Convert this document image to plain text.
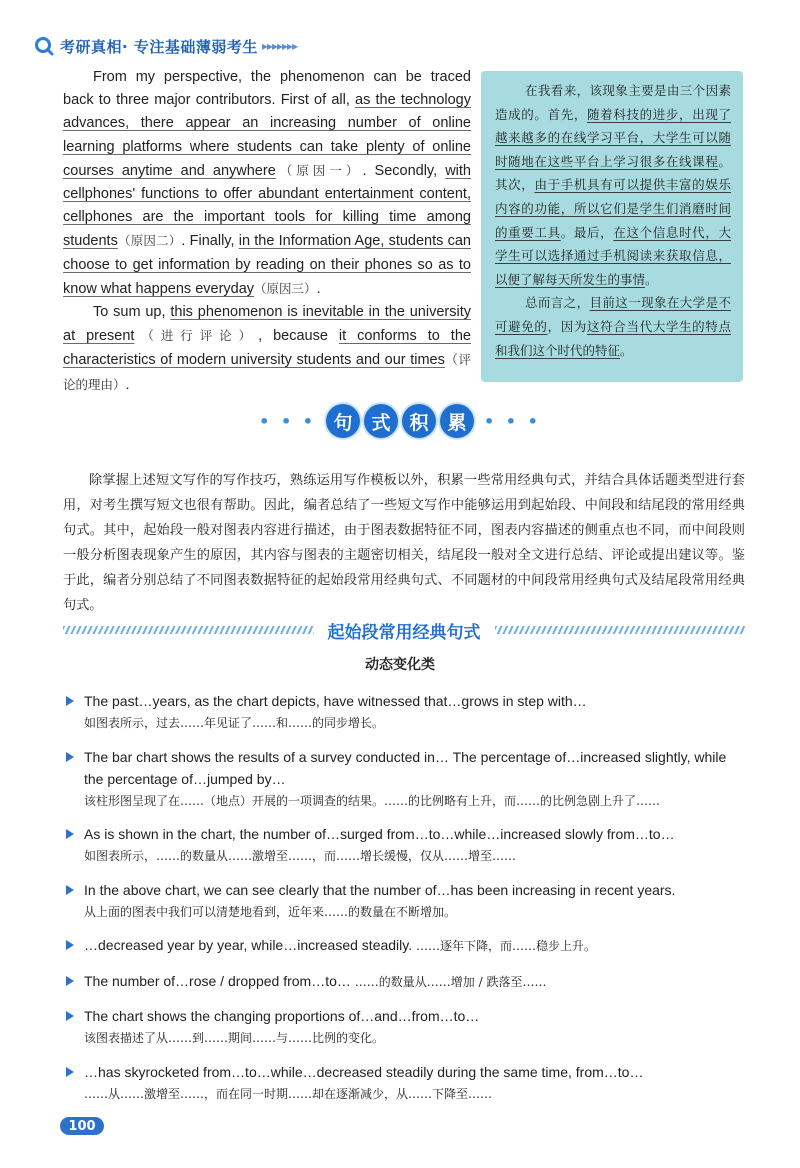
考研真相 · 专注基础薄弱考生 ▸▸▸▸▸▸▸

From my perspective, the phenomenon can be traced back to three major contributors. First of all, as the technology advances, there appear an increasing number of online learning platforms where students can take plenty of online courses anytime and anywhere（原因一）. Secondly, with cellphones' functions to offer abundant entertainment content, cellphones are the important tools for killing time among students（原因二）. Finally, in the Information Age, students can choose to get information by reading on their phones so as to know what happens everyday（原因三）.

To sum up, this phenomenon is inevitable in the university at present（进行评论）, because it conforms to the characteristics of modern university students and our times（评论的理由）.

在我看来，该现象主要是由三个因素造成的。首先，随着科技的进步，出现了越来越多的在线学习平台，大学生可以随时随地在这些平台上学习很多在线课程。其次，由于手机具有可以提供丰富的娱乐内容的功能，所以它们是学生们消磨时间的重要工具。最后，在这个信息时代，大学生可以选择通过手机阅读来获取信息，以便了解每天所发生的事情。

总而言之，目前这一现象在大学是不可避免的，因为这符合当代大学生的特点和我们这个时代的特征。

• • • 句 式 积 累	• • •

除掌握上述短文写作的写作技巧，熟练运用写作模板以外，积累一些常用经典句式，并结合具体话题类型进行套用，对考生撰写短文也很有帮助。因此，编者总结了一些短文写作中能够运用到起始段、中间段和结尾段的常用经典句式。其中，起始段一般对图表内容进行描述，由于图表数据特征不同，图表内容描述的侧重点也不同，而中间段则一般分析图表现象产生的原因，其内容与图表的主题密切相关，结尾段一般对全文进行总结、评论或提出建议等。鉴于此，编者分别总结了不同图表数据特征的起始段常用经典句式、不同题材的中间段常用经典句式及结尾段常用经典句式。

起始段常用经典句式
动态变化类
The past…years, as the chart depicts, have witnessed that…grows in step with…
如图表所示，过去……年见证了……和……的同步增长。
The bar chart shows the results of a survey conducted in… The percentage of…increased slightly, while the percentage of…jumped by…
该柱形图呈现了在……（地点）开展的一项调查的结果。……的比例略有上升，而……的比例急剧上升了……
As is shown in the chart, the number of…surged from…to…while…increased slowly from…to…
如图表所示，……的数量从……激增至……，而……增长缓慢，仅从……增至……
In the above chart, we can see clearly that the number of…has been increasing in recent years.
从上面的图表中我们可以清楚地看到，近年来……的数量在不断增加。
…decreased year by year, while…increased steadily. ……逐年下降，而……稳步上升。
The number of…rose / dropped from…to… ……的数量从……增加 / 跌落至……
The chart shows the changing proportions of…and…from…to…
该图表描述了从……到……期间……与……比例的变化。
…has skyrocketed from…to…while…decreased steadily during the same time, from…to…
……从……激增至……，而在同一时期……却在逐渐减少，从……下降至……
100
